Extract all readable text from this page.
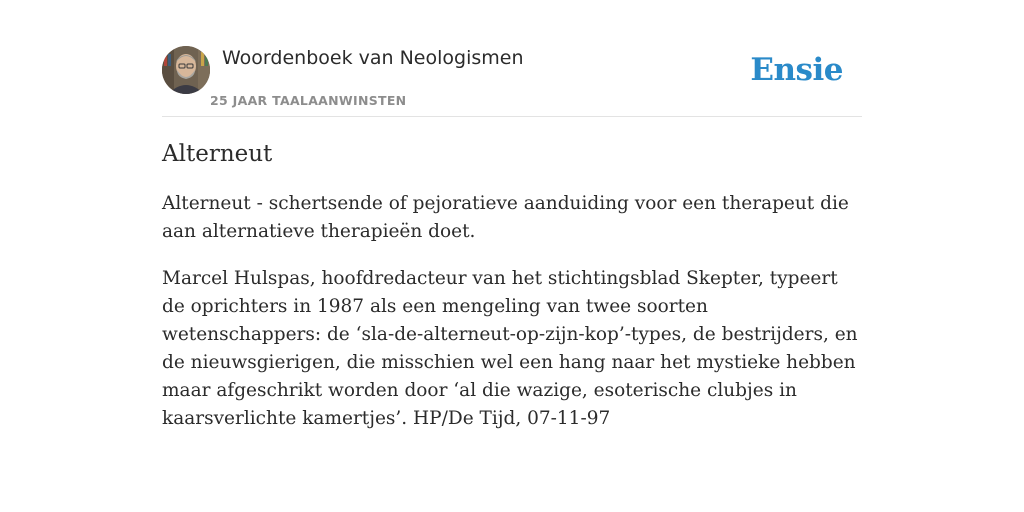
Woordenboek van Neologismen
25 JAAR TAALAANWINSTEN
Ensie
Alterneut

Alterneut - schertsende of pejoratieve aanduiding voor een therapeut die aan alternatieve therapieën doet.

Marcel Hulspas, hoofdredacteur van het stichtingsblad Skepter, typeert de oprichters in 1987 als een mengeling van twee soorten wetenschappers: de ‘sla-de-alterneut-op-zijn-kop’-types, de bestrijders, en de nieuwsgierigen, die misschien wel een hang naar het mystieke hebben maar afgeschrikt worden door ‘al die wazige, esoterische clubjes in kaarsverlichte kamertjes’. HP/De Tijd, 07-11-97
